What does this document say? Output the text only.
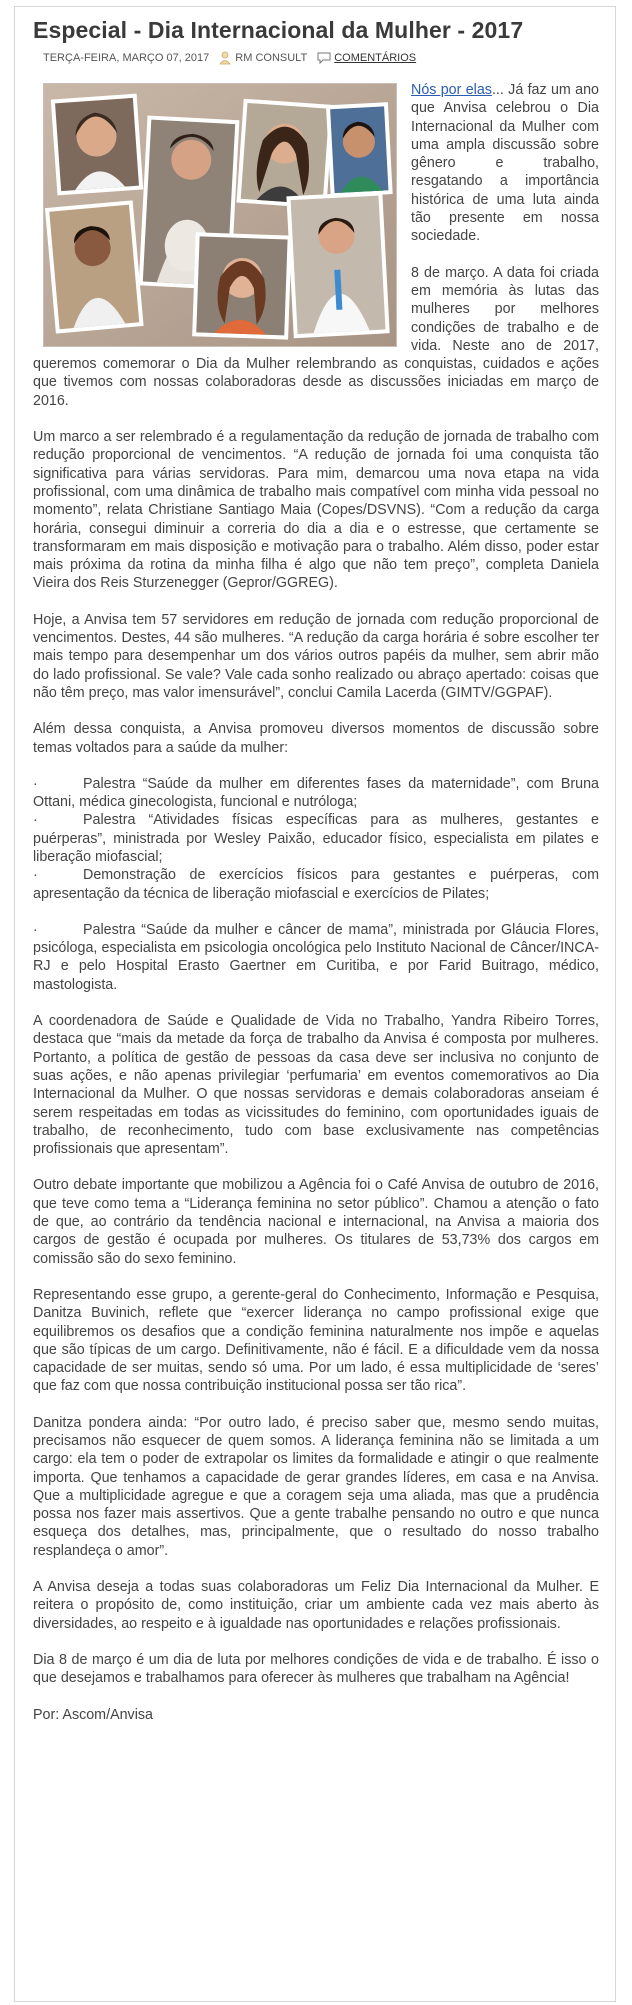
Especial - Dia Internacional da Mulher - 2017
TERÇA-FEIRA, MARÇO 07, 2017 RM CONSULT COMENTÁRIOS

Nós por elas... Já faz um ano que Anvisa celebrou o Dia Internacional da Mulher com uma ampla discussão sobre gênero e trabalho, resgatando a importância histórica de uma luta ainda tão presente em nossa sociedade.

8 de março. A data foi criada em memória às lutas das mulheres por melhores condições de trabalho e de vida. Neste ano de 2017, queremos comemorar o Dia da Mulher relembrando as conquistas, cuidados e ações que tivemos com nossas colaboradoras desde as discussões iniciadas em março de 2016.

Um marco a ser relembrado é a regulamentação da redução de jornada de trabalho com redução proporcional de vencimentos. “A redução de jornada foi uma conquista tão significativa para várias servidoras. Para mim, demarcou uma nova etapa na vida profissional, com uma dinâmica de trabalho mais compatível com minha vida pessoal no momento”, relata Christiane Santiago Maia (Copes/DSVNS). “Com a redução da carga horária, consegui diminuir a correria do dia a dia e o estresse, que certamente se transformaram em mais disposição e motivação para o trabalho. Além disso, poder estar mais próxima da rotina da minha filha é algo que não tem preço”, completa Daniela Vieira dos Reis Sturzenegger (Gepror/GGREG).

Hoje, a Anvisa tem 57 servidores em redução de jornada com redução proporcional de vencimentos. Destes, 44 são mulheres. “A redução da carga horária é sobre escolher ter mais tempo para desempenhar um dos vários outros papéis da mulher, sem abrir mão do lado profissional. Se vale? Vale cada sonho realizado ou abraço apertado: coisas que não têm preço, mas valor imensurável”, conclui Camila Lacerda (GIMTV/GGPAF).

Além dessa conquista, a Anvisa promoveu diversos momentos de discussão sobre temas voltados para a saúde da mulher:

·	Palestra “Saúde da mulher em diferentes fases da maternidade”, com Bruna Ottani, médica ginecologista, funcional e nutróloga;
·	Palestra “Atividades físicas específicas para as mulheres, gestantes e puérperas”, ministrada por Wesley Paixão, educador físico, especialista em pilates e liberação miofascial;
·	Demonstração de exercícios físicos para gestantes e puérperas, com apresentação da técnica de liberação miofascial e exercícios de Pilates;

·	Palestra “Saúde da mulher e câncer de mama”, ministrada por Gláucia Flores, psicóloga, especialista em psicologia oncológica pelo Instituto Nacional de Câncer/INCA-RJ e pelo Hospital Erasto Gaertner em Curitiba, e por Farid Buitrago, médico, mastologista.

A coordenadora de Saúde e Qualidade de Vida no Trabalho, Yandra Ribeiro Torres, destaca que “mais da metade da força de trabalho da Anvisa é composta por mulheres. Portanto, a política de gestão de pessoas da casa deve ser inclusiva no conjunto de suas ações, e não apenas privilegiar ‘perfumaria’ em eventos comemorativos ao Dia Internacional da Mulher. O que nossas servidoras e demais colaboradoras anseiam é serem respeitadas em todas as vicissitudes do feminino, com oportunidades iguais de trabalho, de reconhecimento, tudo com base exclusivamente nas competências profissionais que apresentam”.

Outro debate importante que mobilizou a Agência foi o Café Anvisa de outubro de 2016, que teve como tema a “Liderança feminina no setor público”. Chamou a atenção o fato de que, ao contrário da tendência nacional e internacional, na Anvisa a maioria dos cargos de gestão é ocupada por mulheres. Os titulares de 53,73% dos cargos em comissão são do sexo feminino.

Representando esse grupo, a gerente-geral do Conhecimento, Informação e Pesquisa, Danitza Buvinich, reflete que “exercer liderança no campo profissional exige que equilibremos os desafios que a condição feminina naturalmente nos impõe e aquelas que são típicas de um cargo. Definitivamente, não é fácil. E a dificuldade vem da nossa capacidade de ser muitas, sendo só uma. Por um lado, é essa multiplicidade de ‘seres’ que faz com que nossa contribuição institucional possa ser tão rica”.

Danitza pondera ainda: “Por outro lado, é preciso saber que, mesmo sendo muitas, precisamos não esquecer de quem somos. A liderança feminina não se limitada a um cargo: ela tem o poder de extrapolar os limites da formalidade e atingir o que realmente importa. Que tenhamos a capacidade de gerar grandes líderes, em casa e na Anvisa. Que a multiplicidade agregue e que a coragem seja uma aliada, mas que a prudência possa nos fazer mais assertivos. Que a gente trabalhe pensando no outro e que nunca esqueça dos detalhes, mas, principalmente, que o resultado do nosso trabalho resplandeça o amor”.

A Anvisa deseja a todas suas colaboradoras um Feliz Dia Internacional da Mulher. E reitera o propósito de, como instituição, criar um ambiente cada vez mais aberto às diversidades, ao respeito e à igualdade nas oportunidades e relações profissionais.

Dia 8 de março é um dia de luta por melhores condições de vida e de trabalho. É isso o que desejamos e trabalhamos para oferecer às mulheres que trabalham na Agência!

Por: Ascom/Anvisa
